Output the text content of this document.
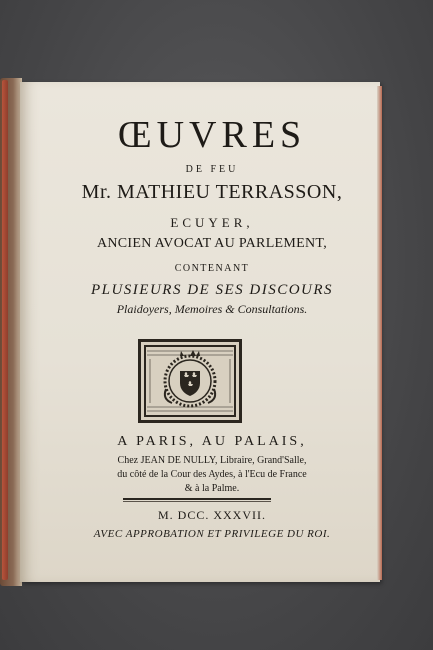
ŒUVRES
DE FEU
Mr. MATHIEU TERRASSON,
ECUYER,
ANCIEN AVOCAT AU PARLEMENT,
CONTENANT
PLUSIEURS DE SES DISCOURS
Plaidoyers, Memoires & Consultations.
A PARIS, AU PALAIS,
Chez JEAN DE NULLY, Libraire, Grand'Salle,
du côté de la Cour des Aydes, à l'Ecu de France
& à la Palme.
M. DCC. XXXVII.
AVEC APPROBATION ET PRIVILEGE DU ROI.
